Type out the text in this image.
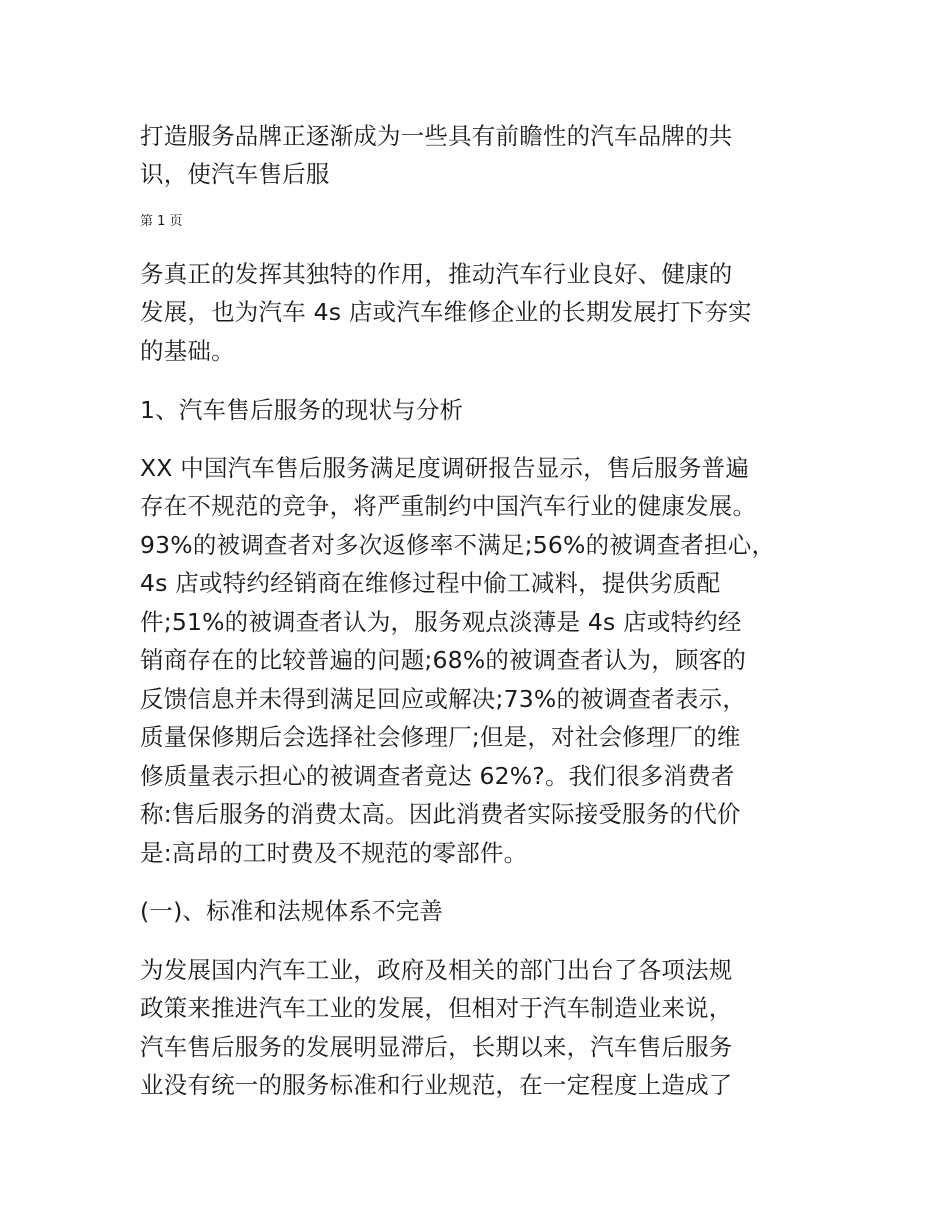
打造服务品牌正逐渐成为一些具有前瞻性的汽车品牌的共
识，使汽车售后服
第 1 页
务真正的发挥其独特的作用，推动汽车行业良好、健康的
发展，也为汽车 4s 店或汽车维修企业的长期发展打下夯实
的基础。
1、汽车售后服务的现状与分析
XX 中国汽车售后服务满足度调研报告显示，售后服务普遍
存在不规范的竞争，将严重制约中国汽车行业的健康发展。
93%的被调查者对多次返修率不满足;56%的被调查者担心，
4s 店或特约经销商在维修过程中偷工减料，提供劣质配
件;51%的被调查者认为，服务观点淡薄是 4s 店或特约经
销商存在的比较普遍的问题;68%的被调查者认为，顾客的
反馈信息并未得到满足回应或解决;73%的被调查者表示，
质量保修期后会选择社会修理厂;但是，对社会修理厂的维
修质量表示担心的被调查者竟达 62%?。我们很多消费者
称:售后服务的消费太高。因此消费者实际接受服务的代价
是:高昂的工时费及不规范的零部件。
(一)、标准和法规体系不完善
为发展国内汽车工业，政府及相关的部门出台了各项法规
政策来推进汽车工业的发展，但相对于汽车制造业来说，
汽车售后服务的发展明显滞后，长期以来，汽车售后服务
业没有统一的服务标准和行业规范，在一定程度上造成了
